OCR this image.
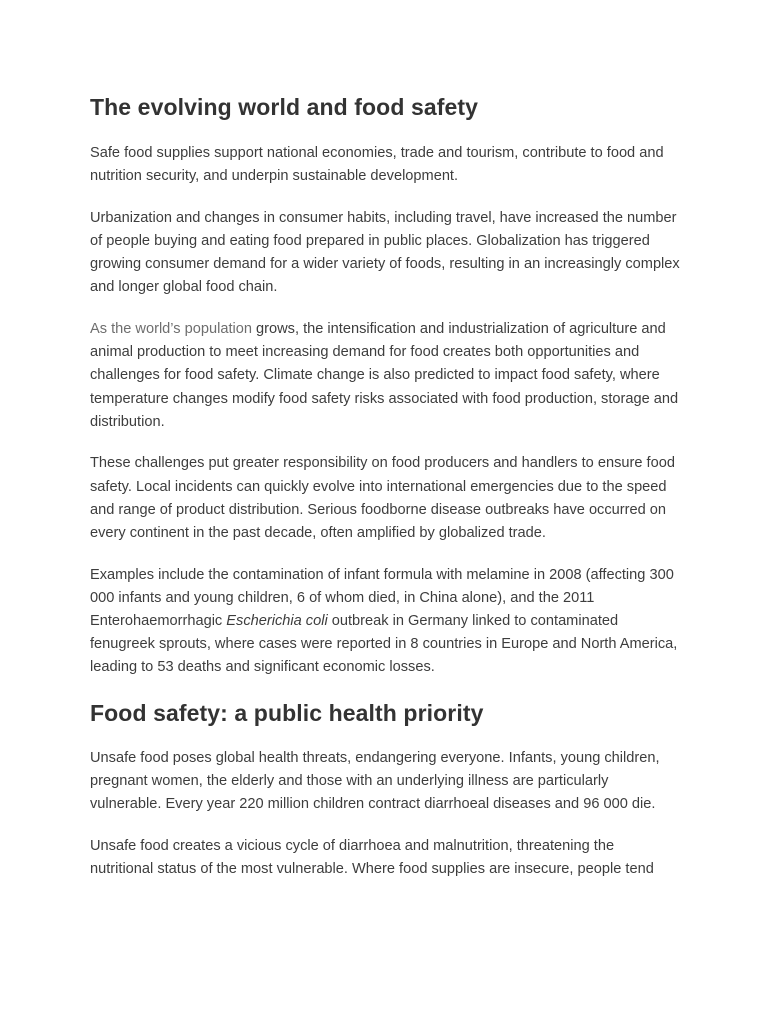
The evolving world and food safety

Safe food supplies support national economies, trade and tourism, contribute to food and nutrition security, and underpin sustainable development.

Urbanization and changes in consumer habits, including travel, have increased the number of people buying and eating food prepared in public places. Globalization has triggered growing consumer demand for a wider variety of foods, resulting in an increasingly complex and longer global food chain.

As the world’s population grows, the intensification and industrialization of agriculture and animal production to meet increasing demand for food creates both opportunities and challenges for food safety. Climate change is also predicted to impact food safety, where temperature changes modify food safety risks associated with food production, storage and distribution.

These challenges put greater responsibility on food producers and handlers to ensure food safety. Local incidents can quickly evolve into international emergencies due to the speed and range of product distribution. Serious foodborne disease outbreaks have occurred on every continent in the past decade, often amplified by globalized trade.

Examples include the contamination of infant formula with melamine in 2008 (affecting 300 000 infants and young children, 6 of whom died, in China alone), and the 2011 Enterohaemorrhagic Escherichia coli outbreak in Germany linked to contaminated fenugreek sprouts, where cases were reported in 8 countries in Europe and North America, leading to 53 deaths and significant economic losses.

Food safety: a public health priority

Unsafe food poses global health threats, endangering everyone. Infants, young children, pregnant women, the elderly and those with an underlying illness are particularly vulnerable. Every year 220 million children contract diarrhoeal diseases and 96 000 die.

Unsafe food creates a vicious cycle of diarrhoea and malnutrition, threatening the nutritional status of the most vulnerable. Where food supplies are insecure, people tend
